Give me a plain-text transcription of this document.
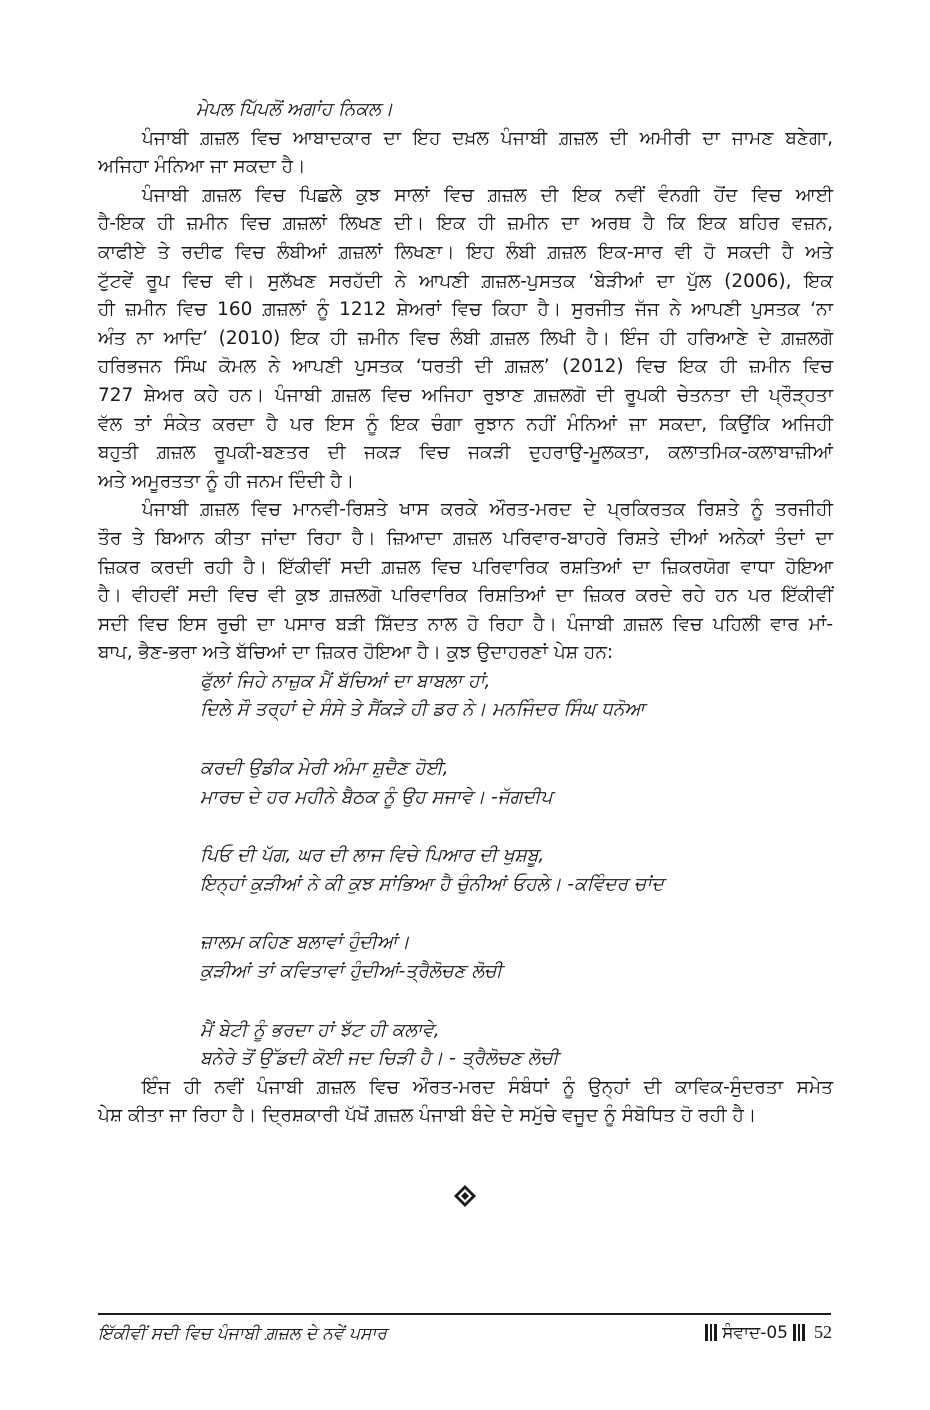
ਮੇਪਲ ਪਿੱਪਲੋਂ ਅਗਾਂਹ ਨਿਕਲ।
ਪੰਜਾਬੀ ਗ਼ਜ਼ਲ ਵਿਚ ਆਬਾਦਕਾਰ ਦਾ ਇਹ ਦਖ਼ਲ ਪੰਜਾਬੀ ਗ਼ਜ਼ਲ ਦੀ ਅਮੀਰੀ ਦਾ ਜਾਮਣ ਬਣੇਗਾ,
ਅਜਿਹਾ ਮੰਨਿਆ ਜਾ ਸਕਦਾ ਹੈ।
ਪੰਜਾਬੀ ਗ਼ਜ਼ਲ ਵਿਚ ਪਿਛਲੇ ਕੁਝ ਸਾਲਾਂ ਵਿਚ ਗ਼ਜ਼ਲ ਦੀ ਇਕ ਨਵੀਂ ਵੰਨਗੀ ਹੋਂਦ ਵਿਚ ਆਈ
ਹੈ-ਇਕ ਹੀ ਜ਼ਮੀਨ ਵਿਚ ਗ਼ਜ਼ਲਾਂ ਲਿਖਣ ਦੀ। ਇਕ ਹੀ ਜ਼ਮੀਨ ਦਾ ਅਰਥ ਹੈ ਕਿ ਇਕ ਬਹਿਰ ਵਜ਼ਨ,
ਕਾਫੀਏ ਤੇ ਰਦੀਫ ਵਿਚ ਲੰਬੀਆਂ ਗ਼ਜ਼ਲਾਂ ਲਿਖਣਾ। ਇਹ ਲੰਬੀ ਗ਼ਜ਼ਲ ਇਕ-ਸਾਰ ਵੀ ਹੋ ਸਕਦੀ ਹੈ ਅਤੇ
ਟੁੱਟਵੇਂ ਰੂਪ ਵਿਚ ਵੀ। ਸੁਲੱਖਣ ਸਰਹੱਦੀ ਨੇ ਆਪਣੀ ਗ਼ਜ਼ਲ-ਪੁਸਤਕ ‘ਬੇੜੀਆਂ ਦਾ ਪੁੱਲ (2006), ਇਕ
ਹੀ ਜ਼ਮੀਨ ਵਿਚ 160 ਗ਼ਜ਼ਲਾਂ ਨੂੰ 1212 ਸ਼ੇਅਰਾਂ ਵਿਚ ਕਿਹਾ ਹੈ। ਸੁਰਜੀਤ ਜੱਜ ਨੇ ਆਪਣੀ ਪੁਸਤਕ ‘ਨਾ
ਅੰਤ ਨਾ ਆਦਿ’ (2010) ਇਕ ਹੀ ਜ਼ਮੀਨ ਵਿਚ ਲੰਬੀ ਗ਼ਜ਼ਲ ਲਿਖੀ ਹੈ। ਇੰਜ ਹੀ ਹਰਿਆਣੇ ਦੇ ਗ਼ਜ਼ਲਗੋ
ਹਰਿਭਜਨ ਸਿੰਘ ਕੋਮਲ ਨੇ ਆਪਣੀ ਪੁਸਤਕ ‘ਧਰਤੀ ਦੀ ਗ਼ਜ਼ਲ’ (2012) ਵਿਚ ਇਕ ਹੀ ਜ਼ਮੀਨ ਵਿਚ
727 ਸ਼ੇਅਰ ਕਹੇ ਹਨ। ਪੰਜਾਬੀ ਗ਼ਜ਼ਲ ਵਿਚ ਅਜਿਹਾ ਰੁਝਾਣ ਗ਼ਜ਼ਲਗੋ ਦੀ ਰੂਪਕੀ ਚੇਤਨਤਾ ਦੀ ਪ੍ਰੌੜ੍ਹਤਾ
ਵੱਲ ਤਾਂ ਸੰਕੇਤ ਕਰਦਾ ਹੈ ਪਰ ਇਸ ਨੂੰ ਇਕ ਚੰਗਾ ਰੁਝਾਨ ਨਹੀਂ ਮੰਨਿਆਂ ਜਾ ਸਕਦਾ, ਕਿਉਂਕਿ ਅਜਿਹੀ
ਬਹੁਤੀ ਗ਼ਜ਼ਲ ਰੂਪਕੀ-ਬਣਤਰ ਦੀ ਜਕੜ ਵਿਚ ਜਕੜੀ ਦੁਹਰਾਉ-ਮੂਲਕਤਾ, ਕਲਾਤਮਿਕ-ਕਲਾਬਾਜ਼ੀਆਂ
ਅਤੇ ਅਮੂਰਤਤਾ ਨੂੰ ਹੀ ਜਨਮ ਦਿੰਦੀ ਹੈ।
ਪੰਜਾਬੀ ਗ਼ਜ਼ਲ ਵਿਚ ਮਾਨਵੀ-ਰਿਸ਼ਤੇ ਖਾਸ ਕਰਕੇ ਔਰਤ-ਮਰਦ ਦੇ ਪ੍ਰਕਿਰਤਕ ਰਿਸ਼ਤੇ ਨੂੰ ਤਰਜੀਹੀ
ਤੌਰ ਤੇ ਬਿਆਨ ਕੀਤਾ ਜਾਂਦਾ ਰਿਹਾ ਹੈ। ਜ਼ਿਆਦਾ ਗ਼ਜ਼ਲ ਪਰਿਵਾਰ-ਬਾਹਰੇ ਰਿਸ਼ਤੇ ਦੀਆਂ ਅਨੇਕਾਂ ਤੰਦਾਂ ਦਾ
ਜ਼ਿਕਰ ਕਰਦੀ ਰਹੀ ਹੈ। ਇੱਕੀਵੀਂ ਸਦੀ ਗ਼ਜ਼ਲ ਵਿਚ ਪਰਿਵਾਰਿਕ ਰਸ਼ਤਿਆਂ ਦਾ ਜ਼ਿਕਰਯੋਗ ਵਾਧਾ ਹੋਇਆ
ਹੈ। ਵੀਹਵੀਂ ਸਦੀ ਵਿਚ ਵੀ ਕੁਝ ਗ਼ਜ਼ਲਗੋ ਪਰਿਵਾਰਿਕ ਰਿਸ਼ਤਿਆਂ ਦਾ ਜ਼ਿਕਰ ਕਰਦੇ ਰਹੇ ਹਨ ਪਰ ਇੱਕੀਵੀਂ
ਸਦੀ ਵਿਚ ਇਸ ਰੁਚੀ ਦਾ ਪਸਾਰ ਬੜੀ ਸ਼ਿੱਦਤ ਨਾਲ ਹੋ ਰਿਹਾ ਹੈ। ਪੰਜਾਬੀ ਗ਼ਜ਼ਲ ਵਿਚ ਪਹਿਲੀ ਵਾਰ ਮਾਂ-
ਬਾਪ, ਭੈਣ-ਭਰਾ ਅਤੇ ਬੱਚਿਆਂ ਦਾ ਜ਼ਿਕਰ ਹੋਇਆ ਹੈ। ਕੁਝ ਉਦਾਹਰਣਾਂ ਪੇਸ਼ ਹਨ:
ਫੁੱਲਾਂ ਜਿਹੇ ਨਾਜ਼ੁਕ ਮੈਂ ਬੱਚਿਆਂ ਦਾ ਬਾਬਲਾ ਹਾਂ,
ਦਿਲੇ ਸੌ ਤਰ੍ਹਾਂ ਦੇ ਸੰਸੇ ਤੇ ਸੈਂਕੜੇ ਹੀ ਡਰ ਨੇ। ਮਨਜਿੰਦਰ ਸਿੰਘ ਧਨੋਆ
ਕਰਦੀ ਉਡੀਕ ਮੇਰੀ ਅੰਮਾ ਸ਼ੁਦੈਣ ਹੋਈ,
ਮਾਰਚ ਦੇ ਹਰ ਮਹੀਨੇ ਬੈਠਕ ਨੂੰ ਉਹ ਸਜਾਵੇ। -ਜੱਗਦੀਪ
ਪਿਓ ਦੀ ਪੱਗ, ਘਰ ਦੀ ਲਾਜ ਵਿਚੇ ਪਿਆਰ ਦੀ ਖੁਸ਼ਬੂ,
ਇਨ੍ਹਾਂ ਕੁੜੀਆਂ ਨੇ ਕੀ ਕੁਝ ਸਾਂਭਿਆ ਹੈ ਚੁੰਨੀਆਂ ਓਹਲੇ। -ਕਵਿੰਦਰ ਚਾਂਦ
ਜ਼ਾਲਮ ਕਹਿਣ ਬਲਾਵਾਂ ਹੁੰਦੀਆਂ।
ਕੁੜੀਆਂ ਤਾਂ ਕਵਿਤਾਵਾਂ ਹੁੰਦੀਆਂ-ਤ੍ਰੈਲੋਚਣ ਲੋਚੀ
ਮੈਂ ਬੇਟੀ ਨੂੰ ਭਰਦਾ ਹਾਂ ਝੱਟ ਹੀ ਕਲਾਵੇ,
ਬਨੇਰੇ ਤੋਂ ਉੱਡਦੀ ਕੋਈ ਜਦ ਚਿੜੀ ਹੈ। - ਤ੍ਰੈਲੋਚਣ ਲੋਚੀ
ਇੰਜ ਹੀ ਨਵੀਂ ਪੰਜਾਬੀ ਗ਼ਜ਼ਲ ਵਿਚ ਔਰਤ-ਮਰਦ ਸੰਬੰਧਾਂ ਨੂੰ ਉਨ੍ਹਾਂ ਦੀ ਕਾਵਿਕ-ਸੁੰਦਰਤਾ ਸਮੇਤ
ਪੇਸ਼ ਕੀਤਾ ਜਾ ਰਿਹਾ ਹੈ। ਦ੍ਰਿਸ਼ਕਾਰੀ ਪੱਖੋਂ ਗ਼ਜ਼ਲ ਪੰਜਾਬੀ ਬੰਦੇ ਦੇ ਸਮੁੱਚੇ ਵਜੂਦ ਨੂੰ ਸੰਬੋਧਿਤ ਹੋ ਰਹੀ ਹੈ।
ਇੱਕੀਵੀਂ ਸਦੀ ਵਿਚ ਪੰਜਾਬੀ ਗ਼ਜ਼ਲ ਦੇ ਨਵੇਂ ਪਸਾਰ	ਸੰਵਾਦ-05 52
